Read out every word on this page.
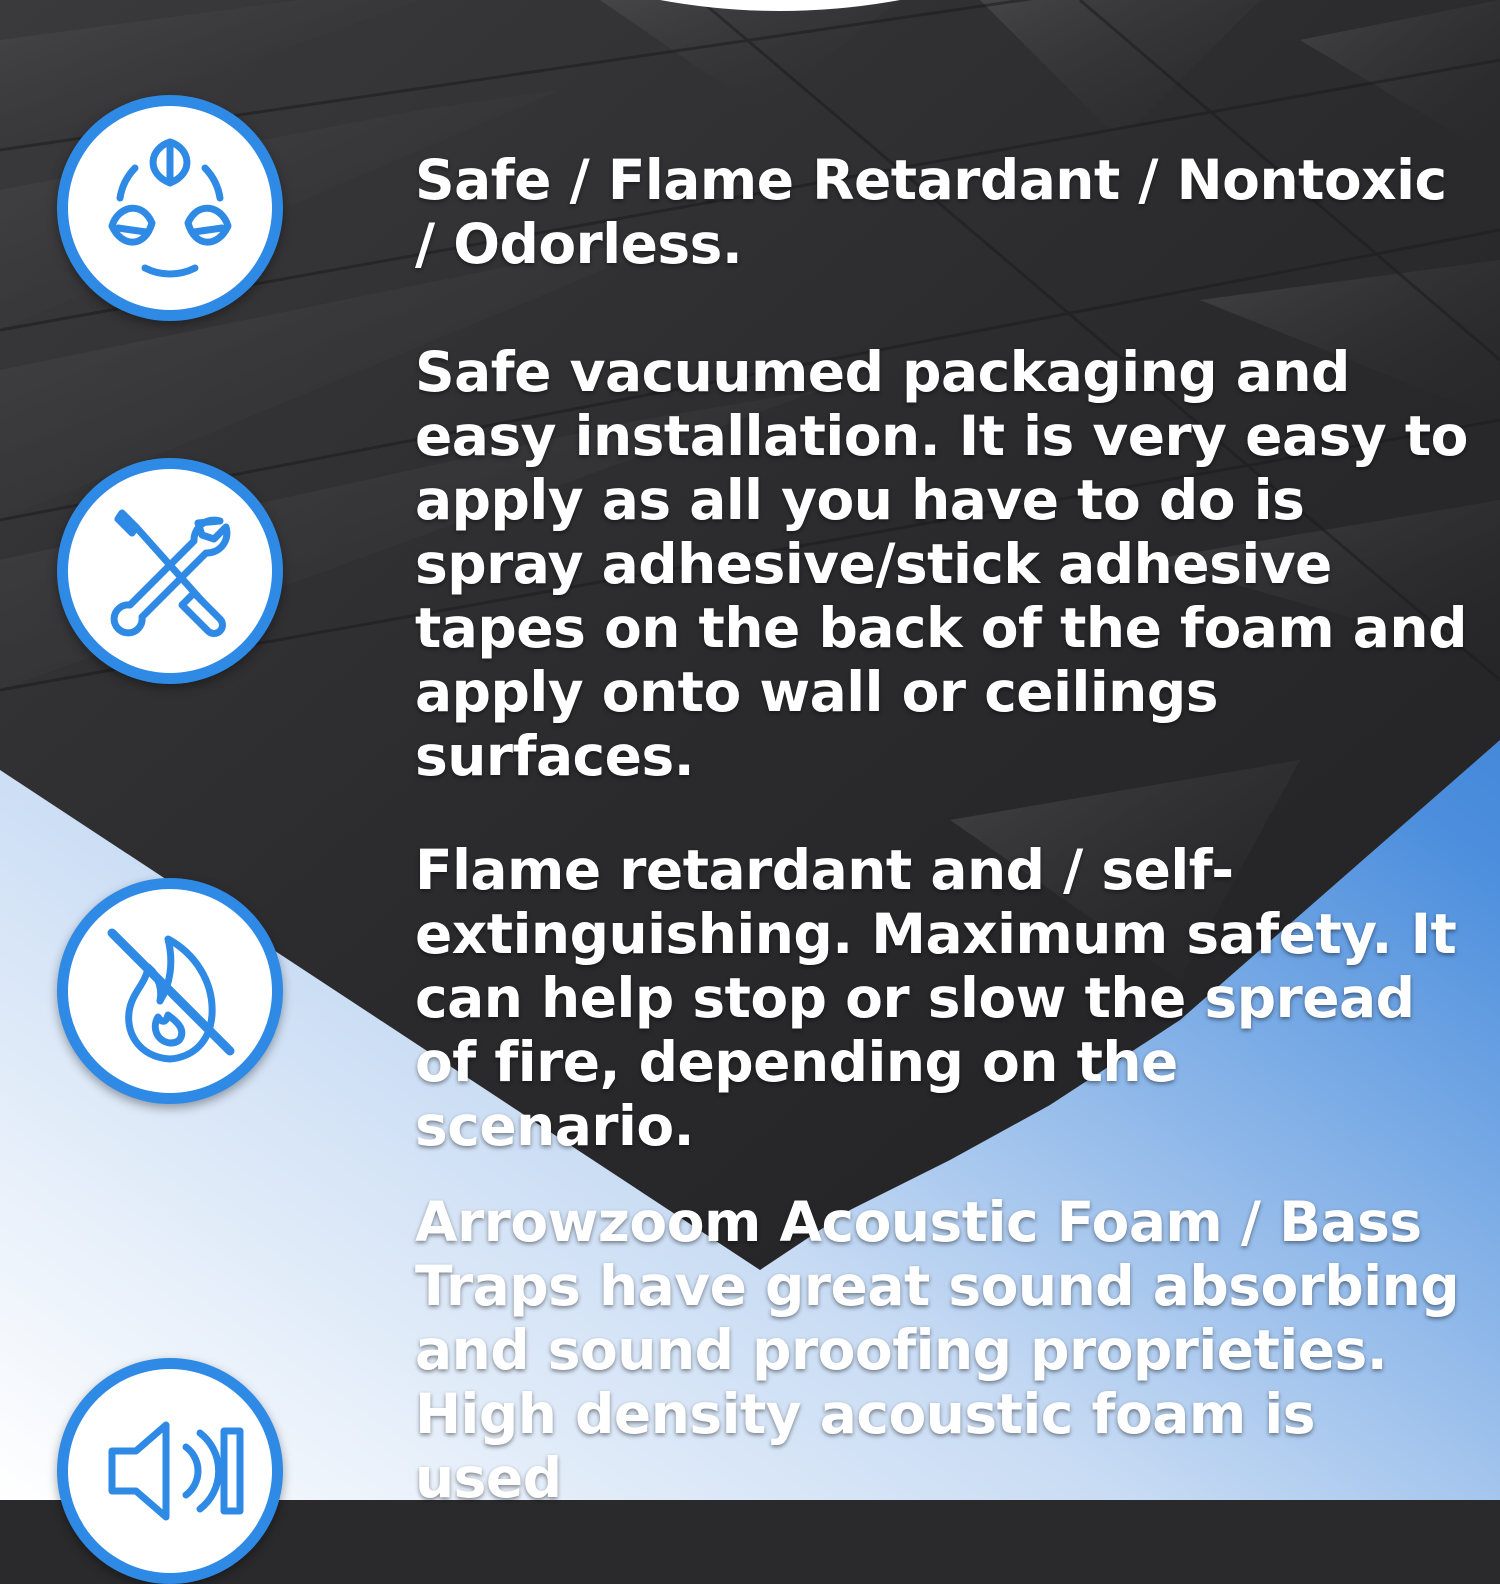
Safe / Flame Retardant / Nontoxic / Odorless.

Safe vacuumed packaging and easy installation. It is very easy to apply as all you have to do is spray adhesive/stick adhesive tapes on the back of the foam and apply onto wall or ceilings surfaces.

Flame retardant and / self-extinguishing. Maximum safety. It can help stop or slow the spread of fire, depending on the scenario.

Arrowzoom Acoustic Foam / Bass Traps have great sound absorbing and sound proofing proprieties. High density acoustic foam is used
